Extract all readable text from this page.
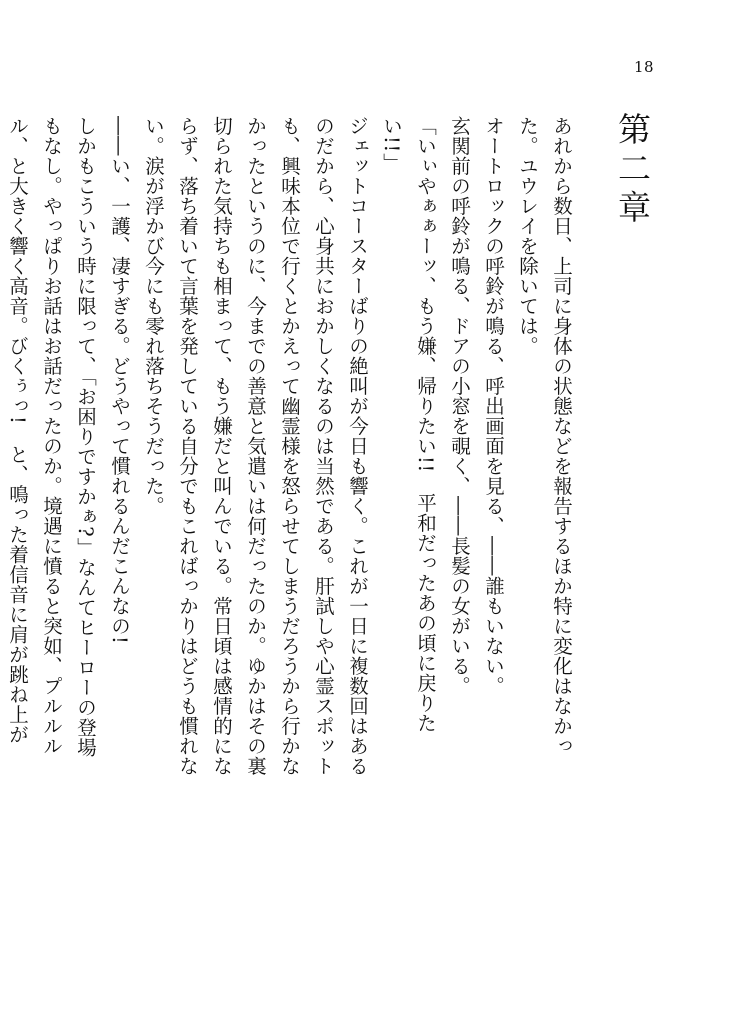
18
第二章

あれから数日、上司に身体の状態などを報告するほか特に変化はなかった。ユウレイを除いては。

オートロックの呼鈴が鳴る、呼出画面を見る、――誰もいない。

玄関前の呼鈴が鳴る、ドアの小窓を覗く、――長髪の女がいる。

「いぃやぁぁーッ、もう嫌、帰りたい!!　平和だったあの頃に戻りたい!!」

ジェットコースターばりの絶叫が今日も響く。これが一日に複数回はあるのだから、心身共におかしくなるのは当然である。肝試しや心霊スポットも、興味本位で行くとかえって幽霊様を怒らせてしまうだろうから行かなかったというのに、今までの善意と気遣いは何だったのか。ゆかはその裏切られた気持ちも相まって、もう嫌だと叫んでいる。常日頃は感情的にならず、落ち着いて言葉を発している自分でもこればっかりはどうも慣れない。涙が浮かび今にも零れ落ちそうだった。

――い、一護、凄すぎる。どうやって慣れるんだこんなの!

しかもこういう時に限って、「お困りですかぁ?」なんてヒーローの登場もなし。やっぱりお話はお話だったのか。境遇に憤ると突如、プルルルル、と大きく響く高音。びくぅっ!　と、鳴った着信音に肩が跳ね上が
